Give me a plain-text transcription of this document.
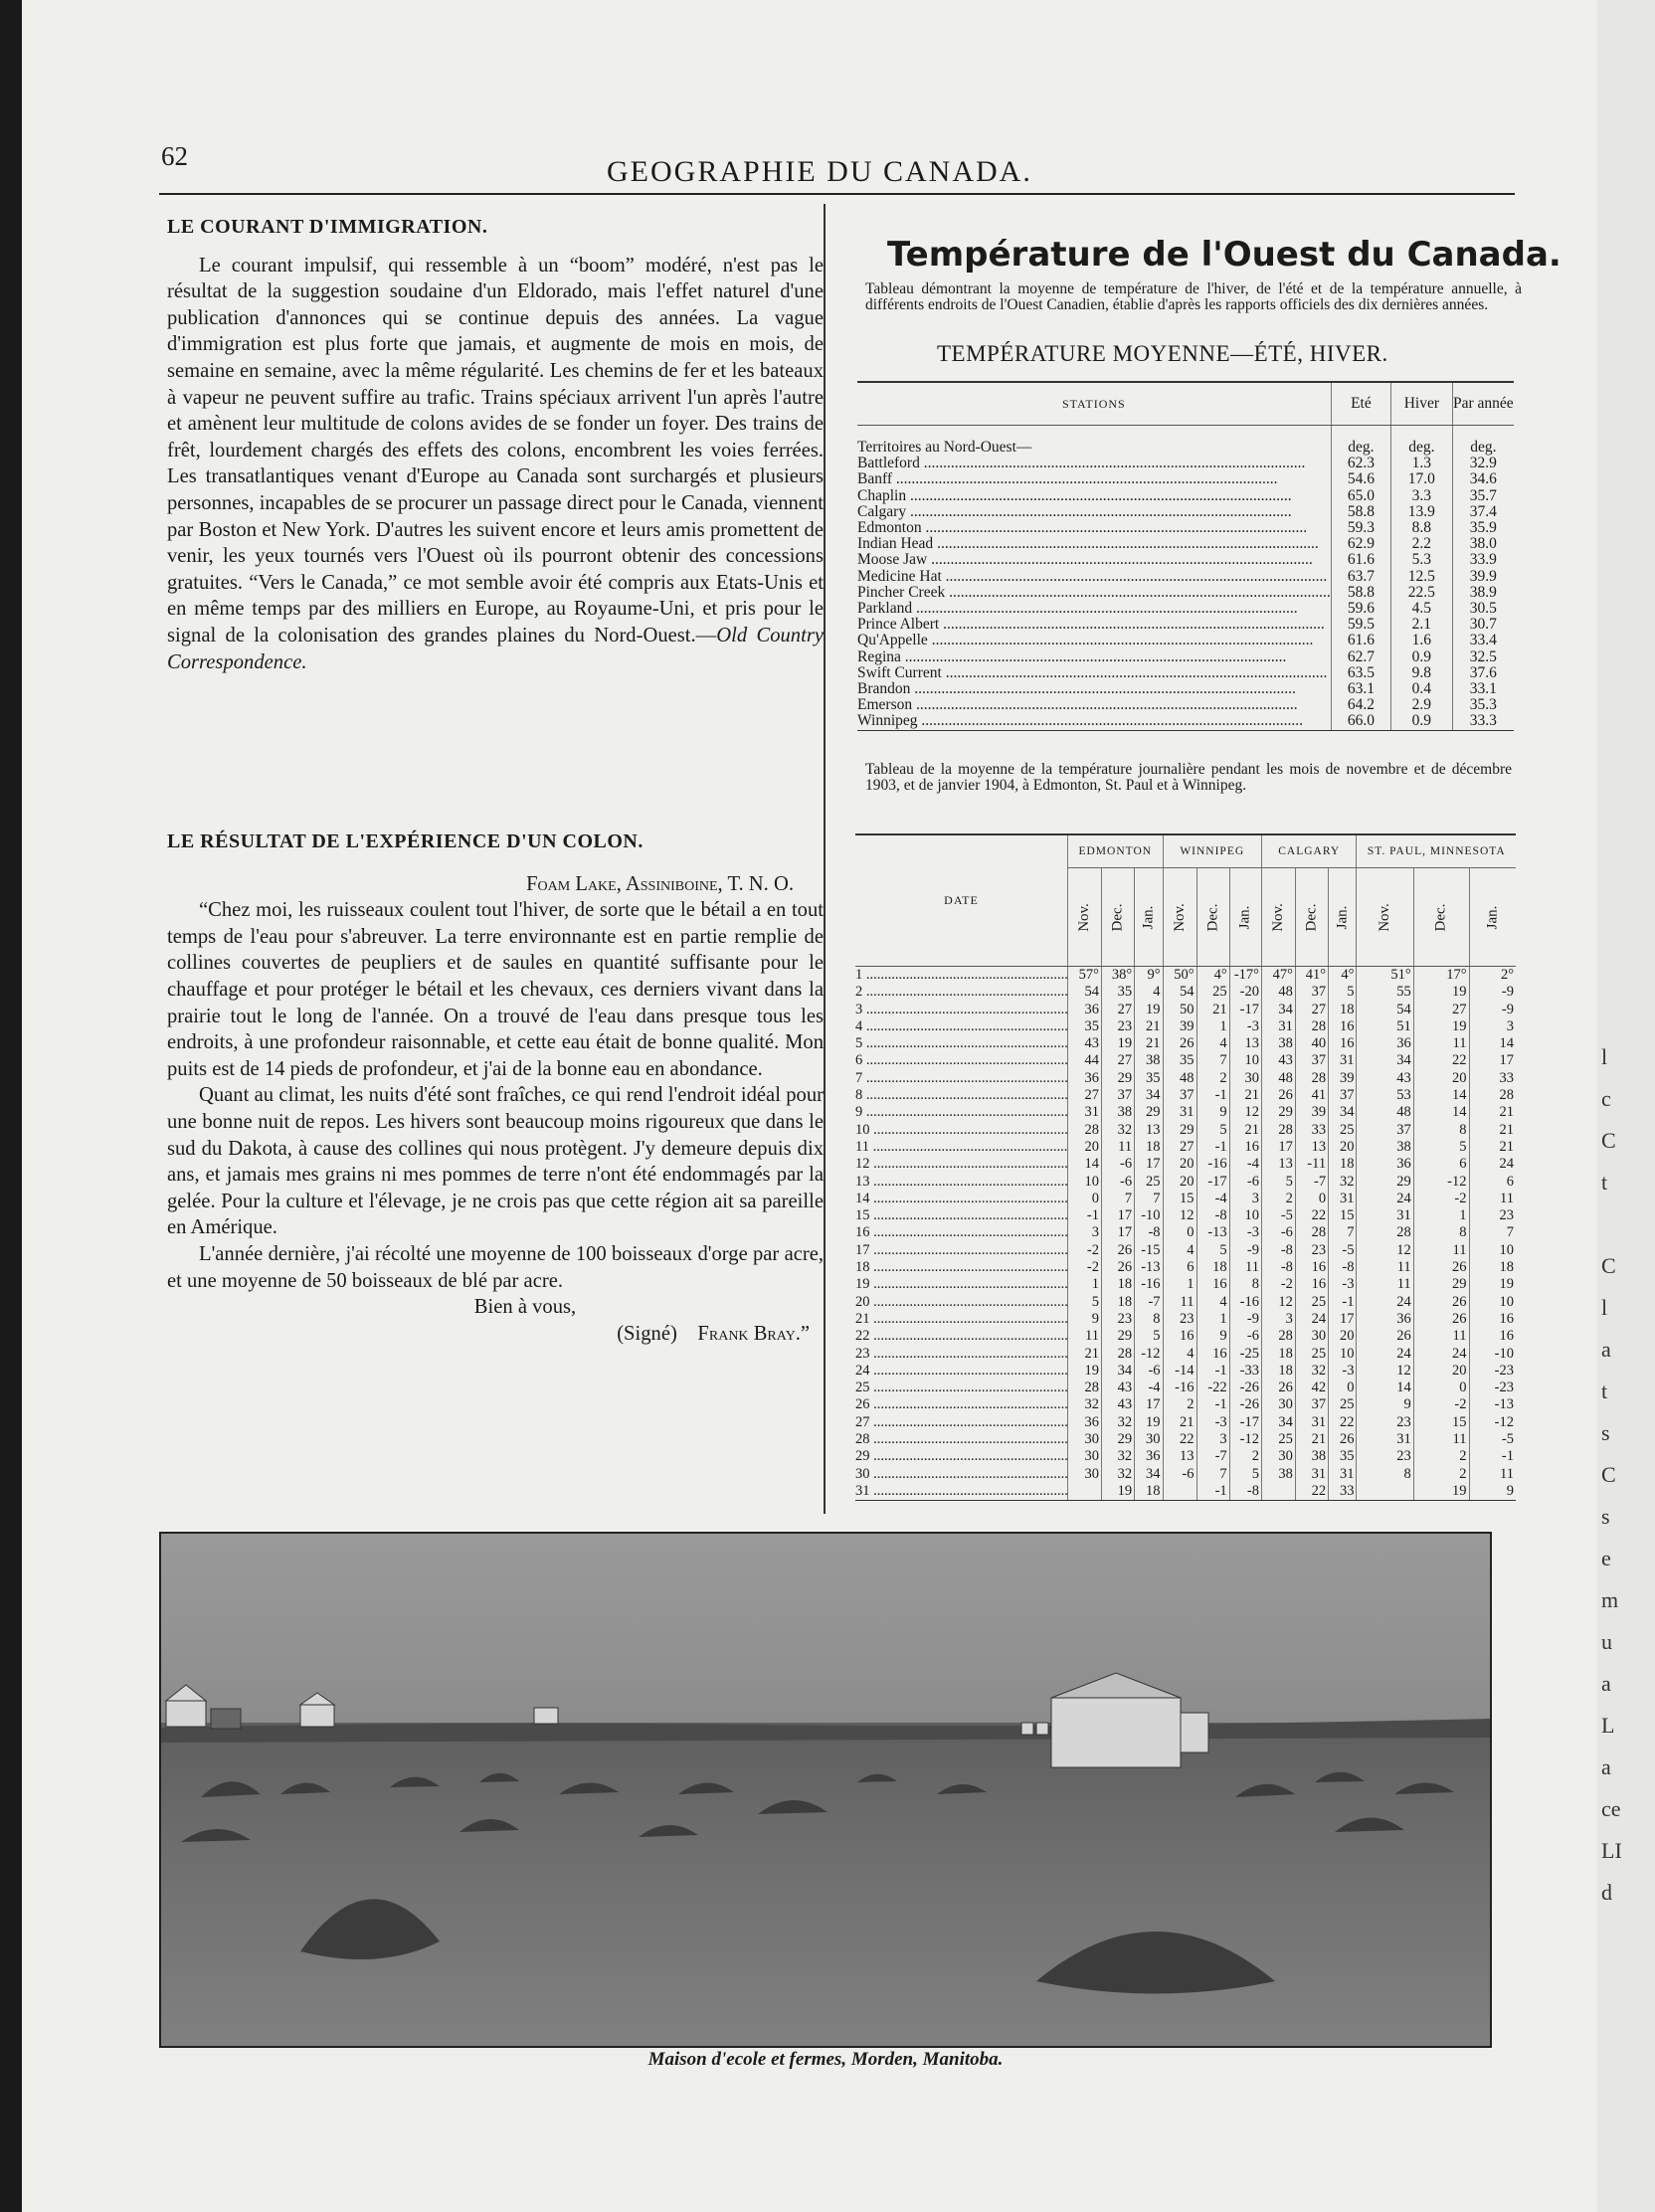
62	GEOGRAPHIE DU CANADA.

LE COURANT D'IMMIGRATION.

Le courant impulsif, qui ressemble à un “boom” modéré, n'est pas le résultat de la suggestion soudaine d'un Eldorado, mais l'effet naturel d'une publication d'annonces qui se continue depuis des années. La vague d'immigration est plus forte que jamais, et augmente de mois en mois, de semaine en semaine, avec la même régularité. Les chemins de fer et les bateaux à vapeur ne peuvent suffire au trafic. Trains spéciaux arrivent l'un après l'autre et amènent leur multitude de colons avides de se fonder un foyer. Des trains de frêt, lourdement chargés des effets des colons, encombrent les voies ferrées. Les transatlantiques venant d'Europe au Canada sont surchargés et plusieurs personnes, incapables de se procurer un passage direct pour le Canada, viennent par Boston et New York. D'autres les suivent encore et leurs amis promettent de venir, les yeux tournés vers l'Ouest où ils pourront obtenir des concessions gratuites. “Vers le Canada,” ce mot semble avoir été compris aux Etats-Unis et en même temps par des milliers en Europe, au Royaume-Uni, et pris pour le signal de la colonisation des grandes plaines du Nord-Ouest.—Old Country Correspondence.

LE RÉSULTAT DE L'EXPÉRIENCE D'UN COLON.

Foam Lake, Assiniboine, T. N. O.

“Chez moi, les ruisseaux coulent tout l'hiver, de sorte que le bétail a en tout temps de l'eau pour s'abreuver. La terre environnante est en partie remplie de collines couvertes de peupliers et de saules en quantité suffisante pour le chauffage et pour protéger le bétail et les chevaux, ces derniers vivant dans la prairie tout le long de l'année. On a trouvé de l'eau dans presque tous les endroits, à une profondeur raisonnable, et cette eau était de bonne qualité. Mon puits est de 14 pieds de profondeur, et j'ai de la bonne eau en abondance.

Quant au climat, les nuits d'été sont fraîches, ce qui rend l'endroit idéal pour une bonne nuit de repos. Les hivers sont beaucoup moins rigoureux que dans le sud du Dakota, à cause des collines qui nous protègent. J'y demeure depuis dix ans, et jamais mes grains ni mes pommes de terre n'ont été endommagés par la gelée. Pour la culture et l'élevage, je ne crois pas que cette région ait sa pareille en Amérique.

L'année dernière, j'ai récolté une moyenne de 100 boisseaux d'orge par acre, et une moyenne de 50 boisseaux de blé par acre.

Bien à vous,

(Signé) Frank Bray.”

Température de l'Ouest du Canada.
Tableau démontrant la moyenne de température de l'hiver, de l'été et de la température annuelle, à différents endroits de l'Ouest Canadien, établie d'après les rapports officiels des dix dernières années.
TEMPÉRATURE MOYENNE—ÉTÉ, HIVER.
STATIONS	Eté	Hiver	Par année
Territoires au Nord-Ouest—	deg.	deg.	deg.
Battleford .....	62.3	1.3	32.9
Banff .....	54.6	17.0	34.6
Chaplin .....	65.0	3.3	35.7
Calgary .....	58.8	13.9	37.4
Edmonton .....	59.3	8.8	35.9
Indian Head .....	62.9	2.2	38.0
Moose Jaw .....	61.6	5.3	33.9
Medicine Hat .....	63.7	12.5	39.9
Pincher Creek .....	58.8	22.5	38.9
Parkland .....	59.6	4.5	30.5
Prince Albert .....	59.5	2.1	30.7
Qu'Appelle .....	61.6	1.6	33.4
Regina .....	62.7	0.9	32.5
Swift Current .....	63.5	9.8	37.6
Brandon .....	63.1	0.4	33.1
Emerson .....	64.2	2.9	35.3
Winnipeg .....	66.0	0.9	33.3
Tableau de la moyenne de la température journalière pendant les mois de novembre et de décembre 1903, et de janvier 1904, à Edmonton, St. Paul et à Winnipeg.
DATE	EDMONTON			WINNIPEG			CALGARY			ST. PAUL, MINNESOTA		
	Nov.	Dec.	Jan.	Nov.	Dec.	Jan.	Nov.	Dec.	Jan.	Nov.	Dec.	Jan.
1 .....	57°	38°	9°	50°	4°	-17°	47°	41°	4°	51°	17°	2°
2 .....	54	35	4	54	25	-20	48	37	5	55	19	-9
3 .....	36	27	19	50	21	-17	34	27	18	54	27	-9
4 .....	35	23	21	39	1	-3	31	28	16	51	19	3
5 .....	43	19	21	26	4	13	38	40	16	36	11	14
6 .....	44	27	38	35	7	10	43	37	31	34	22	17
7 .....	36	29	35	48	2	30	48	28	39	43	20	33
8 .....	27	37	34	37	-1	21	26	41	37	53	14	28
9 .....	31	38	29	31	9	12	29	39	34	48	14	21
10 .....	28	32	13	29	5	21	28	33	25	37	8	21
11 .....	20	11	18	27	-1	16	17	13	20	38	5	21
12 .....	14	-6	17	20	-16	-4	13	-11	18	36	6	24
13 .....	10	-6	25	20	-17	-6	5	-7	32	29	-12	6
14 .....	0	7	7	15	-4	3	2	0	31	24	-2	11
15 .....	-1	17	-10	12	-8	10	-5	22	15	31	1	23
16 .....	3	17	-8	0	-13	-3	-6	28	7	28	8	7
17 .....	-2	26	-15	4	5	-9	-8	23	-5	12	11	10
18 .....	-2	26	-13	6	18	11	-8	16	-8	11	26	18
19 .....	1	18	-16	1	16	8	-2	16	-3	11	29	19
20 .....	5	18	-7	11	4	-16	12	25	-1	24	26	10
21 .....	9	23	8	23	1	-9	3	24	17	36	26	16
22 .....	11	29	5	16	9	-6	28	30	20	26	11	16
23 .....	21	28	-12	4	16	-25	18	25	10	24	24	-10
24 .....	19	34	-6	-14	-1	-33	18	32	-3	12	20	-23
25 .....	28	43	-4	-16	-22	-26	26	42	0	14	0	-23
26 .....	32	43	17	2	-1	-26	30	37	25	9	-2	-13
27 .....	36	32	19	21	-3	-17	34	31	22	23	15	-12
28 .....	30	29	30	22	3	-12	25	21	26	31	11	-5
29 .....	30	32	36	13	-7	2	30	38	35	23	2	-1
30 .....	30	32	34	-6	7	5	38	31	31	8	2	11
31 .....		19	18		-1	-8		22	33		19	9
Maison d'ecole et fermes, Morden, Manitoba.
l
c
C
t
C
l
a
t
s
C
s
e
m
u
a
L
a
ce
LI
d
